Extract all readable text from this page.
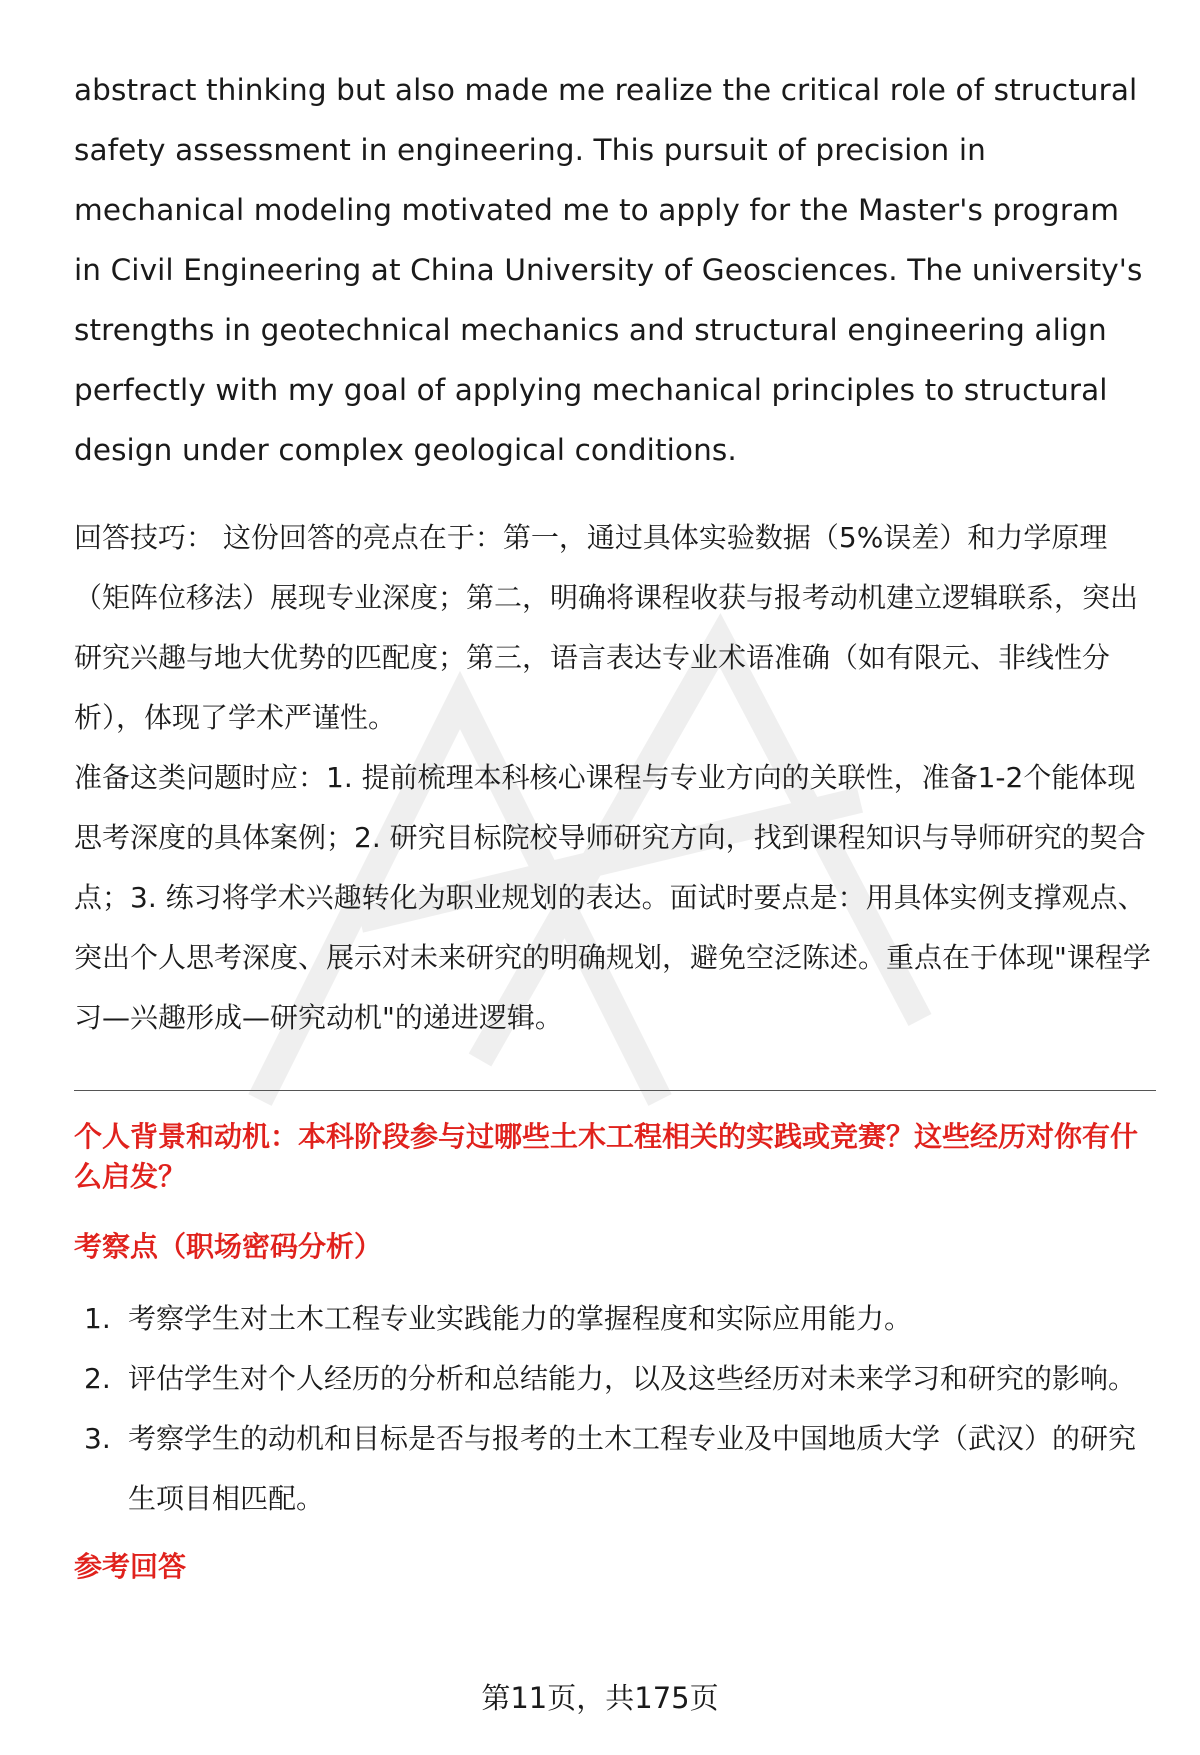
abstract thinking but also made me realize the critical role of structural safety assessment in engineering. This pursuit of precision in mechanical modeling motivated me to apply for the Master's program in Civil Engineering at China University of Geosciences. The university's strengths in geotechnical mechanics and structural engineering align perfectly with my goal of applying mechanical principles to structural design under complex geological conditions.

回答技巧： 这份回答的亮点在于：第一，通过具体实验数据（5%误差）和力学原理（矩阵位移法）展现专业深度；第二，明确将课程收获与报考动机建立逻辑联系，突出研究兴趣与地大优势的匹配度；第三，语言表达专业术语准确（如有限元、非线性分析），体现了学术严谨性。

准备这类问题时应：1. 提前梳理本科核心课程与专业方向的关联性，准备1-2个能体现思考深度的具体案例；2. 研究目标院校导师研究方向，找到课程知识与导师研究的契合点；3. 练习将学术兴趣转化为职业规划的表达。面试时要点是：用具体实例支撑观点、突出个人思考深度、展示对未来研究的明确规划，避免空泛陈述。重点在于体现"课程学习—兴趣形成—研究动机"的递进逻辑。

个人背景和动机：本科阶段参与过哪些土木工程相关的实践或竞赛？这些经历对你有什么启发？

考察点（职场密码分析）

1. 考察学生对土木工程专业实践能力的掌握程度和实际应用能力。
2. 评估学生对个人经历的分析和总结能力，以及这些经历对未来学习和研究的影响。
3. 考察学生的动机和目标是否与报考的土木工程专业及中国地质大学（武汉）的研究生项目相匹配。

参考回答

第11页，共175页
